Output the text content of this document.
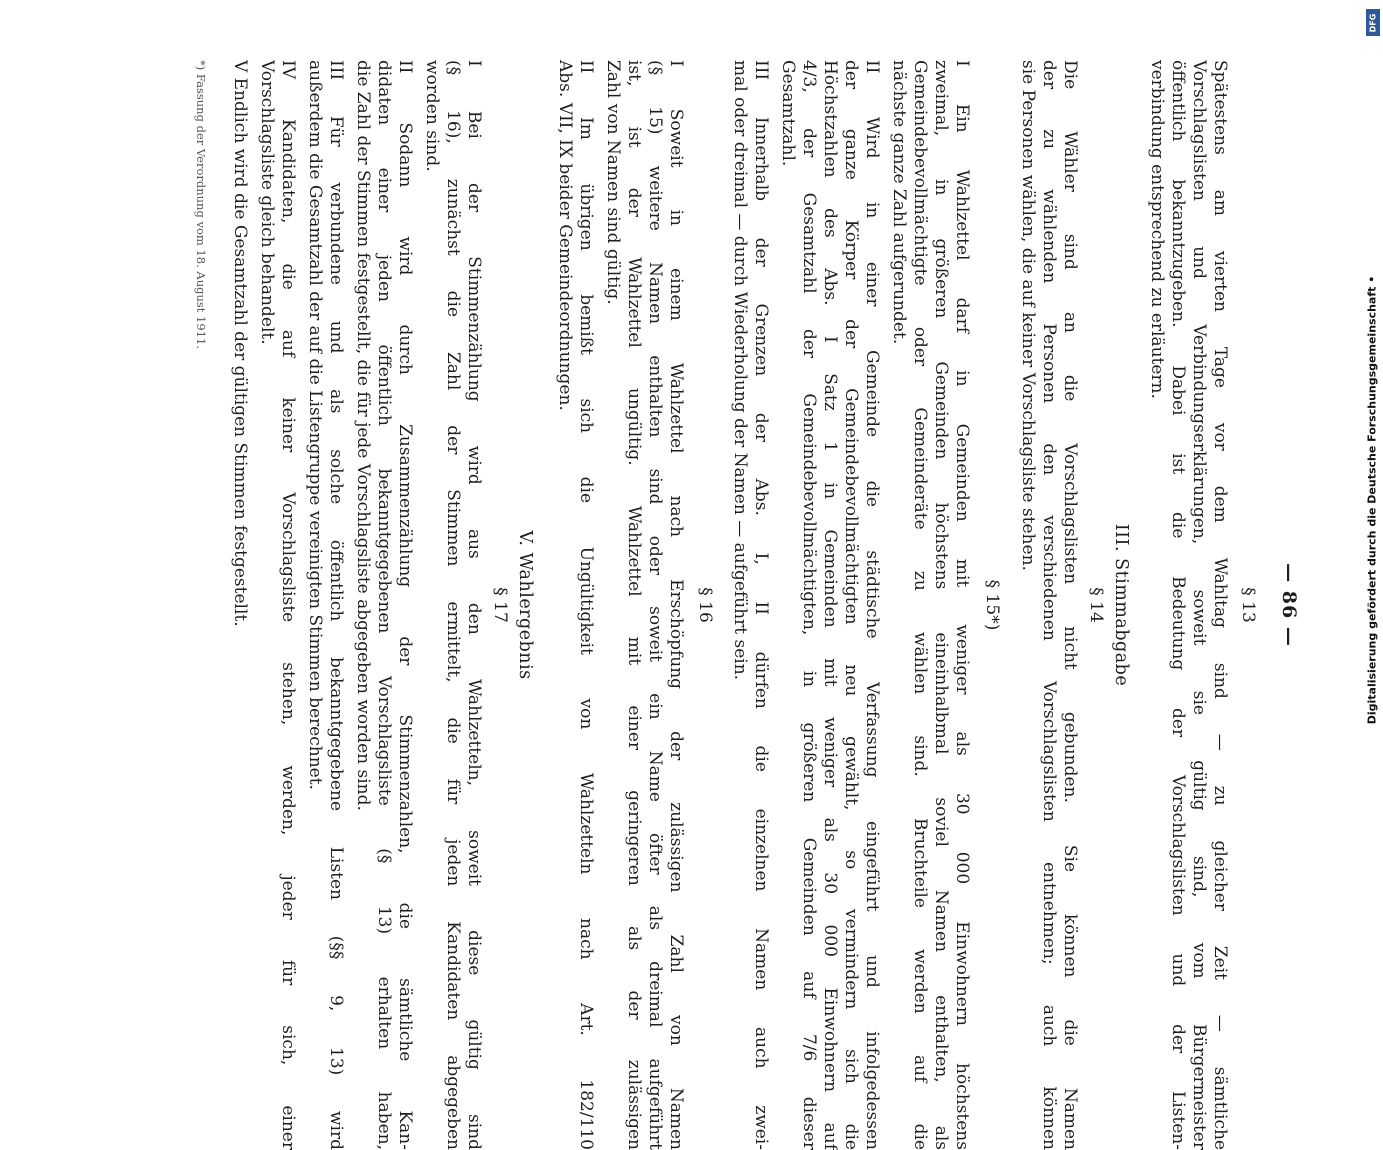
— 86 —
§ 13
Spätestens am vierten Tage vor dem Wahltag sind — zu gleicher Zeit — sämtliche
Vorschlagslisten und Verbindungserklärungen, soweit sie gültig sind, vom Bürgermeister
öffentlich bekanntzugeben. Dabei ist die Bedeutung der Vorschlagslisten und der Listen-
verbindung entsprechend zu erläutern.
III. Stimmabgabe
§ 14
Die Wähler sind an die Vorschlagslisten nicht gebunden. Sie können die Namen
der zu wählenden Personen den verschiedenen Vorschlagslisten entnehmen; auch können
sie Personen wählen, die auf keiner Vorschlagsliste stehen.
§ 15*)
I Ein Wahlzettel darf in Gemeinden mit weniger als 30 000 Einwohnern höchstens
zweimal, in größeren Gemeinden höchstens eineinhalbmal soviel Namen enthalten, als
Gemeindebevollmächtigte oder Gemeinderäte zu wählen sind. Bruchteile werden auf die
nächste ganze Zahl aufgerundet.
II Wird in einer Gemeinde die städtische Verfassung eingeführt und infolgedessen
der ganze Körper der Gemeindebevollmächtigten neu gewählt, so vermindern sich die
Höchstzahlen des Abs. I Satz 1 in Gemeinden mit weniger als 30 000 Einwohnern auf
4/3, der Gesamtzahl der Gemeindebevollmächtigten, in größeren Gemeinden auf 7/6 dieser
Gesamtzahl.
III Innerhalb der Grenzen der Abs. I, II dürfen die einzelnen Namen auch zwei-
mal oder dreimal — durch Wiederholung der Namen — aufgeführt sein.
§ 16
I Soweit in einem Wahlzettel nach Erschöpfung der zulässigen Zahl von Namen
(§ 15) weitere Namen enthalten sind oder soweit ein Name öfter als dreimal aufgeführt
ist, ist der Wahlzettel ungültig. Wahlzettel mit einer geringeren als der zulässigen
Zahl von Namen sind gültig.
II Im übrigen bemißt sich die Ungültigkeit von Wahlzetteln nach Art. 182/110
Abs. VII, IX beider Gemeindeordnungen.
V. Wahlergebnis
§ 17
I Bei der Stimmenzählung wird aus den Wahlzetteln, soweit diese gültig sind
(§ 16), zunächst die Zahl der Stimmen ermittelt, die für jeden Kandidaten abgegeben
worden sind.
II Sodann wird durch Zusammenzählung der Stimmenzahlen, die sämtliche Kan-
didaten einer jeden öffentlich bekanntgegebenen Vorschlagsliste (§ 13) erhalten haben,
die Zahl der Stimmen festgestellt, die für jede Vorschlagsliste abgegeben worden sind.
III Für verbundene und als solche öffentlich bekanntgegebene Listen (§§ 9, 13) wird
außerdem die Gesamtzahl der auf die Listengruppe vereinigten Stimmen berechnet.
IV Kandidaten, die auf keiner Vorschlagsliste stehen, werden, jeder für sich, einer
Vorschlagsliste gleich behandelt.
V Endlich wird die Gesamtzahl der gültigen Stimmen festgestellt.
*) Fassung der Verordnung vom 18. August 1911.
Digitalisierung gefördert durch die Deutsche Forschungsgemeinschaft •
DFG
